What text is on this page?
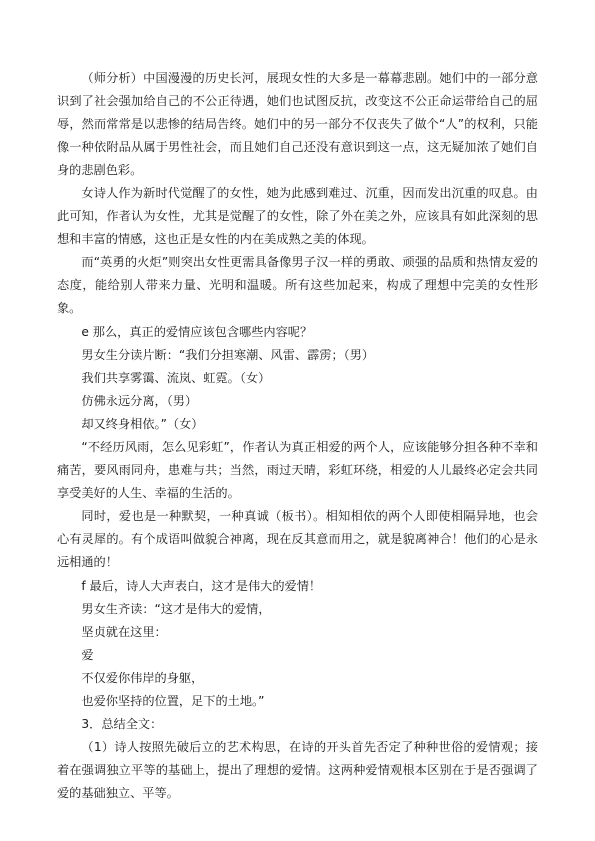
（师分析）中国漫漫的历史长河，展现女性的大多是一幕幕悲剧。她们中的一部分意识到了社会强加给自己的不公正待遇，她们也试图反抗，改变这不公正命运带给自己的屈辱，然而常常是以悲惨的结局告终。她们中的另一部分不仅丧失了做个“人”的权利，只能像一种依附品从属于男性社会，而且她们自己还没有意识到这一点，这无疑加浓了她们自身的悲剧色彩。

女诗人作为新时代觉醒了的女性，她为此感到难过、沉重，因而发出沉重的叹息。由此可知，作者认为女性，尤其是觉醒了的女性，除了外在美之外，应该具有如此深刻的思想和丰富的情感，这也正是女性的内在美成熟之美的体现。

而“英勇的火炬”则突出女性更需具备像男子汉一样的勇敢、顽强的品质和热情友爱的态度，能给别人带来力量、光明和温暖。所有这些加起来，构成了理想中完美的女性形象。

e 那么，真正的爱情应该包含哪些内容呢？

男女生分读片断：“我们分担寒潮、风雷、霹雳；（男）

我们共享雾霭、流岚、虹霓。（女）

仿佛永远分离，（男）

却又终身相依。”（女）

“不经历风雨，怎么见彩虹”，作者认为真正相爱的两个人，应该能够分担各种不幸和痛苦，要风雨同舟，患难与共；当然，雨过天晴，彩虹环绕，相爱的人儿最终必定会共同享受美好的人生、幸福的生活的。

同时，爱也是一种默契，一种真诚（板书）。相知相依的两个人即使相隔异地，也会心有灵犀的。有个成语叫做貌合神离，现在反其意而用之，就是貌离神合！他们的心是永远相通的！

f 最后，诗人大声表白，这才是伟大的爱情！

男女生齐读：“这才是伟大的爱情，

坚贞就在这里：

爱

不仅爱你伟岸的身躯，

也爱你坚持的位置，足下的土地。”

3．总结全文：

（1）诗人按照先破后立的艺术构思，在诗的开头首先否定了种种世俗的爱情观；接着在强调独立平等的基础上，提出了理想的爱情。这两种爱情观根本区别在于是否强调了爱的基础独立、平等。
